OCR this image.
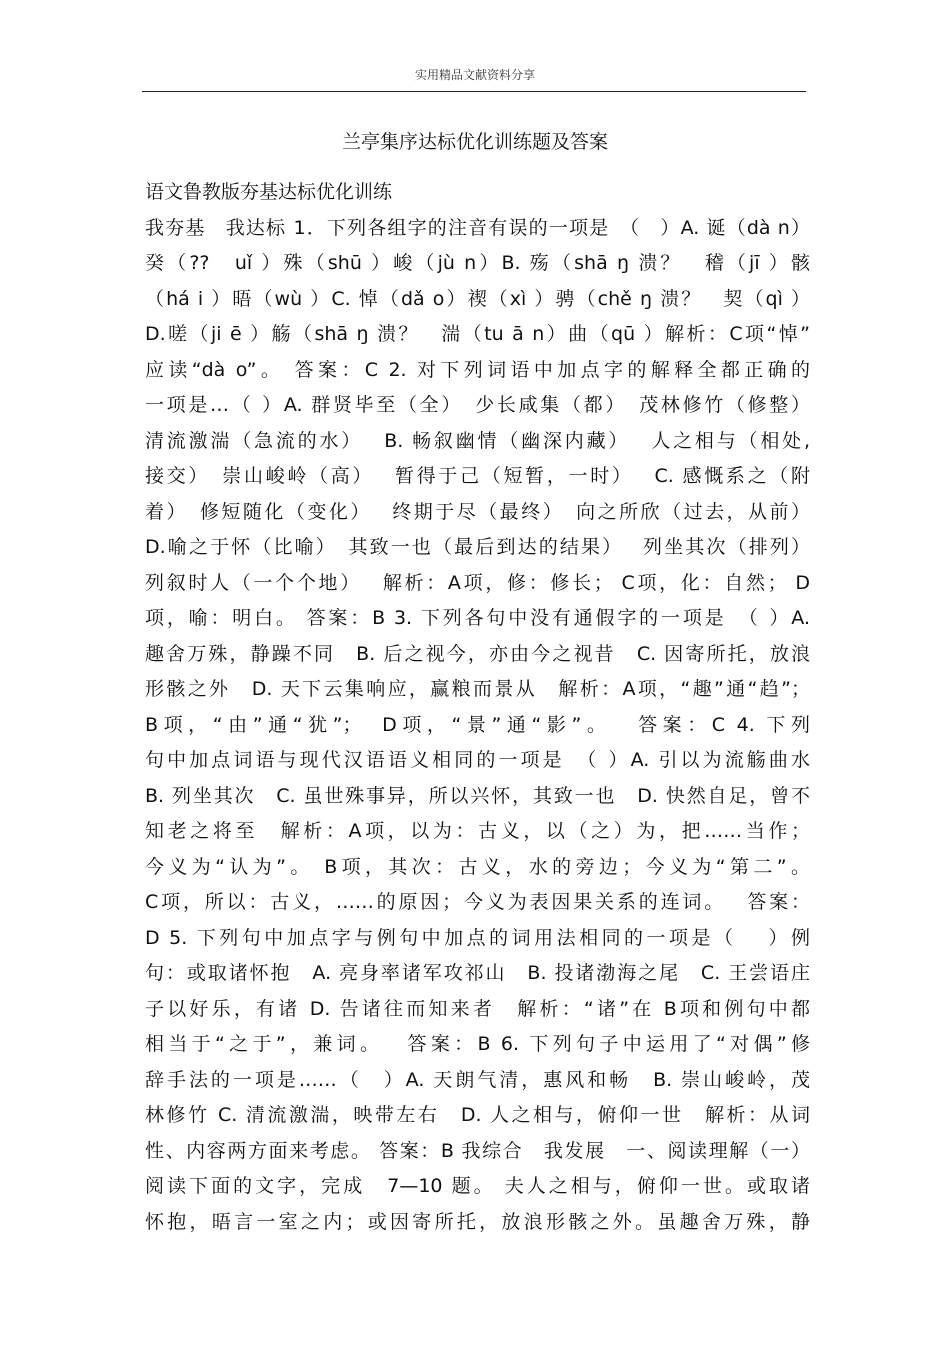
实用精品文献资料分享
兰亭集序达标优化训练题及答案
语文鲁教版夯基达标优化训练
我夯基　我达标 1．下列各组字的注音有误的一项是　（　）A. 诞（dà n）
癸（??　uǐ ）殊（shū ）峻（jù n）B. 殇（shā ŋ 溃？　稽（jī ）骸
（há i ）晤（wù ）C. 悼（dǎ o）禊（xì ）骋（chě ŋ 溃？　契（qì ）
D.嗟（ji ē ）觞（shā ŋ 溃？　湍（tu ā n）曲（qū ）解析：C项“悼”
应读“dà o”。 答案：C 2. 对下列词语中加点字的解释全都正确的
一项是…（ ）A. 群贤毕至（全）　少长咸集（都）　茂林修竹（修整）
清流激湍（急流的水）　 B. 畅叙幽情（幽深内藏）　 人之相与（相处,
接交）　崇山峻岭（高）　 暂得于己（短暂，一时）　 C. 感慨系之（附
着）　修短随化（变化）　 终期于尽（最终）　向之所欣（过去，从前）
D.喻之于怀（比喻）　其致一也（最后到达的结果）　 列坐其次（排列）
列叙时人（一个个地）　 解析：A项，修：修长； C项，化：自然； D
项，喻：明白。 答案：B 3. 下列各句中没有通假字的一项是　（ ）A.
趣舍万殊，静躁不同　B. 后之视今，亦由今之视昔　C. 因寄所托，放浪
形骸之外　D. 天下云集响应，赢粮而景从　解析：A项，“趣”通“趋”；
B项，“由”通“犹”；　D项，“景”通“影”。　 答案：C 4. 下列
句中加点词语与现代汉语语义相同的一项是　（ ）A. 引以为流觞曲水
B. 列坐其次　C. 虽世殊事异，所以兴怀，其致一也　D. 快然自足，曾不
知老之将至　解析：A项，以为：古义，以（之）为，把……当作；
今义为“认为”。 B项，其次：古义，水的旁边；今义为“第二”。
C项，所以：古义，……的原因；今义为表因果关系的连词。　 答案：
D 5. 下列句中加点字与例句中加点的词用法相同的一项是（　 ）例
句：或取诸怀抱　A. 亮身率诸军攻祁山　B. 投诸渤海之尾　C. 王尝语庄
子以好乐，有诸 D. 告诸往而知来者　解析：“诸”在 B项和例句中都
相当于“之于”，兼词。　 答案：B 6. 下列句子中运用了“对偶”修
辞手法的一项是……（　）A. 天朗气清，惠风和畅　B. 崇山峻岭，茂
林修竹 C. 清流激湍，映带左右　D. 人之相与，俯仰一世　解析：从词
性、内容两方面来考虑。 答案：B 我综合　我发展　一、阅读理解（一）
阅读下面的文字，完成　7—10 题。 夫人之相与，俯仰一世。或取诸
怀抱，晤言一室之内；或因寄所托，放浪形骸之外。虽趣舍万殊，静
